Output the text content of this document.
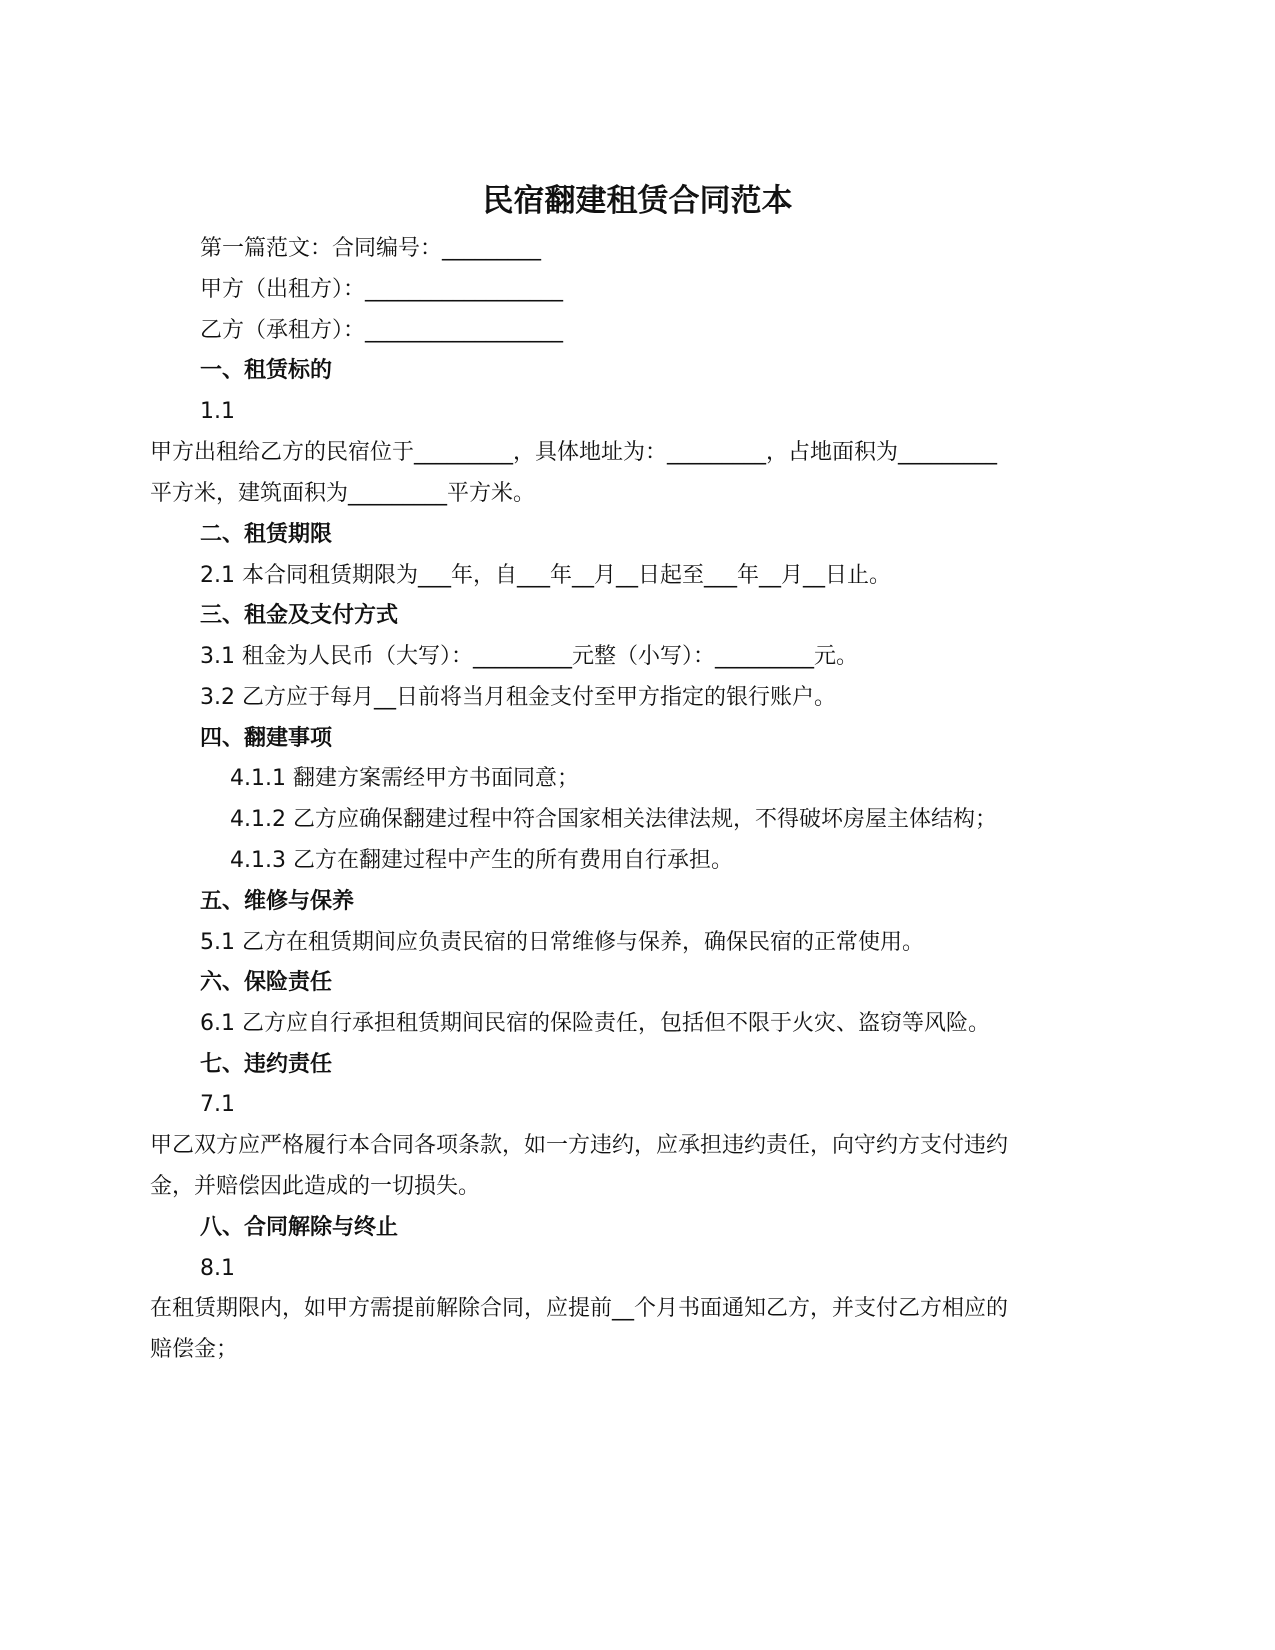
民宿翻建租赁合同范本

第一篇范文：合同编号：_________

甲方（出租方）：__________________

乙方（承租方）：__________________

一、租赁标的

1.1

甲方出租给乙方的民宿位于_________，具体地址为：_________，占地面积为_________

平方米，建筑面积为_________平方米。

二、租赁期限

2.1 本合同租赁期限为___年，自___年__月__日起至___年__月__日止。

三、租金及支付方式

3.1 租金为人民币（大写）：_________元整（小写）：_________元。

3.2 乙方应于每月__日前将当月租金支付至甲方指定的银行账户。

四、翻建事项

4.1.1 翻建方案需经甲方书面同意；

4.1.2 乙方应确保翻建过程中符合国家相关法律法规，不得破坏房屋主体结构；

4.1.3 乙方在翻建过程中产生的所有费用自行承担。

五、维修与保养

5.1 乙方在租赁期间应负责民宿的日常维修与保养，确保民宿的正常使用。

六、保险责任

6.1 乙方应自行承担租赁期间民宿的保险责任，包括但不限于火灾、盗窃等风险。

七、违约责任

7.1

甲乙双方应严格履行本合同各项条款，如一方违约，应承担违约责任，向守约方支付违约

金，并赔偿因此造成的一切损失。

八、合同解除与终止

8.1

在租赁期限内，如甲方需提前解除合同，应提前__个月书面通知乙方，并支付乙方相应的

赔偿金；
